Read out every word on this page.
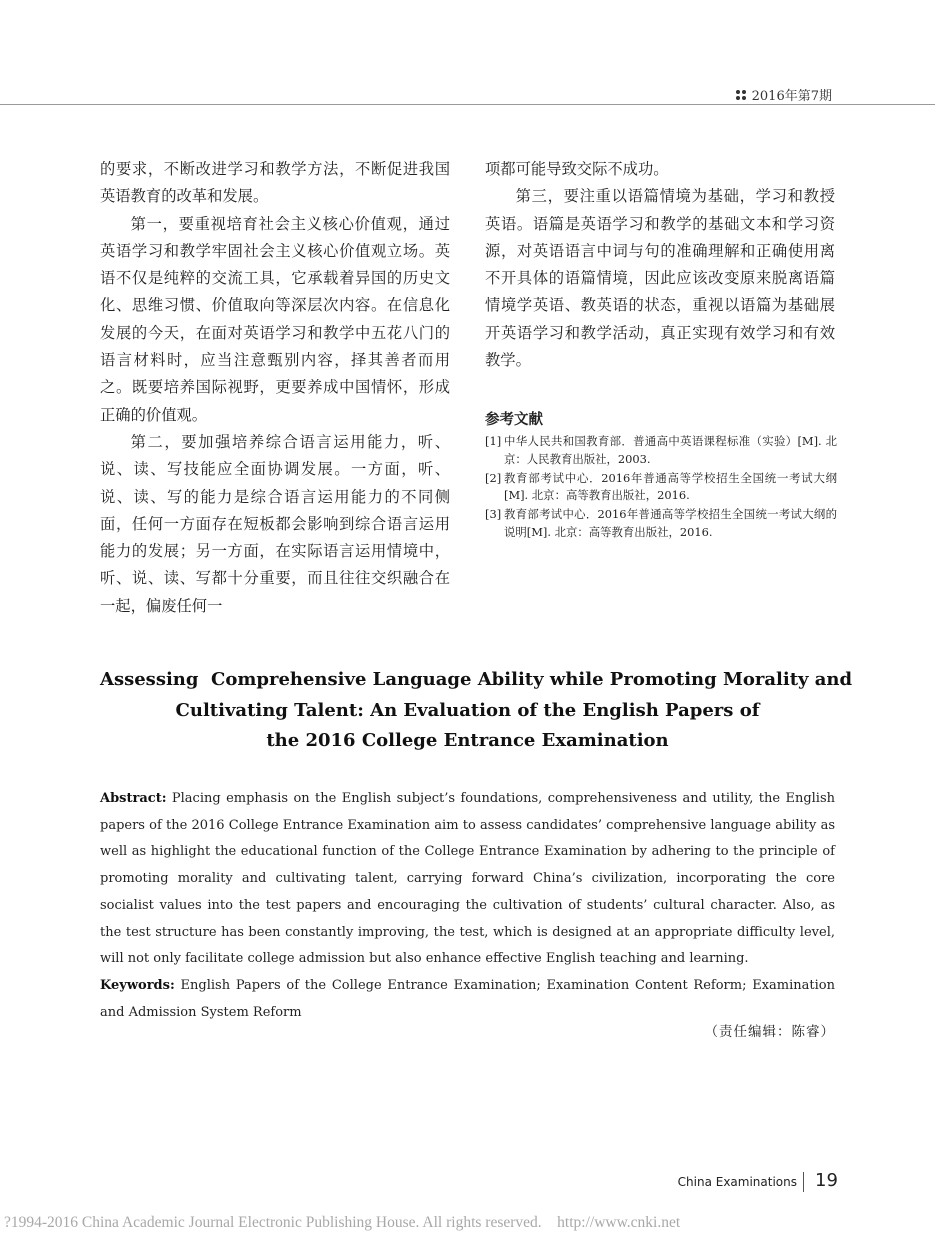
2016年第7期

的要求，不断改进学习和教学方法，不断促进我国英语教育的改革和发展。

第一，要重视培育社会主义核心价值观，通过英语学习和教学牢固社会主义核心价值观立场。英语不仅是纯粹的交流工具，它承载着异国的历史文化、思维习惯、价值取向等深层次内容。在信息化发展的今天，在面对英语学习和教学中五花八门的语言材料时，应当注意甄别内容，择其善者而用之。既要培养国际视野，更要养成中国情怀，形成正确的价值观。

第二，要加强培养综合语言运用能力，听、说、读、写技能应全面协调发展。一方面，听、说、读、写的能力是综合语言运用能力的不同侧面，任何一方面存在短板都会影响到综合语言运用能力的发展；另一方面，在实际语言运用情境中，听、说、读、写都十分重要，而且往往交织融合在一起，偏废任何一

项都可能导致交际不成功。

第三，要注重以语篇情境为基础，学习和教授英语。语篇是英语学习和教学的基础文本和学习资源，对英语语言中词与句的准确理解和正确使用离不开具体的语篇情境，因此应该改变原来脱离语篇情境学英语、教英语的状态，重视以语篇为基础展开英语学习和教学活动，真正实现有效学习和有效教学。

参考文献
[1] 中华人民共和国教育部．普通高中英语课程标准（实验）[M]. 北京：人民教育出版社，2003.
[2] 教育部考试中心．2016年普通高等学校招生全国统一考试大纲[M]. 北京：高等教育出版社，2016.
[3] 教育部考试中心．2016年普通高等学校招生全国统一考试大纲的说明[M]. 北京：高等教育出版社，2016.
Assessing  Comprehensive Language Ability while Promoting Morality and
Cultivating Talent: An Evaluation of the English Papers of
the 2016 College Entrance Examination

Abstract: Placing emphasis on the English subject’s foundations, comprehensiveness and utility, the English papers of the 2016 College Entrance Examination aim to assess candidates’ comprehensive language ability as well as highlight the educational function of the College Entrance Examination by adhering to the principle of promoting morality and cultivating talent, carrying forward China’s civilization, incorporating the core socialist values into the test papers and encouraging the cultivation of students’ cultural character. Also, as the test structure has been constantly improving, the test, which is designed at an appropriate difficulty level, will not only facilitate college admission but also enhance effective English teaching and learning.

Keywords: English Papers of the College Entrance Examination; Examination Content Reform; Examination and Admission System Reform

（责任编辑：陈睿）
China Examinations 19
?1994-2016 China Academic Journal Electronic Publishing House. All rights reserved.    http://www.cnki.net
